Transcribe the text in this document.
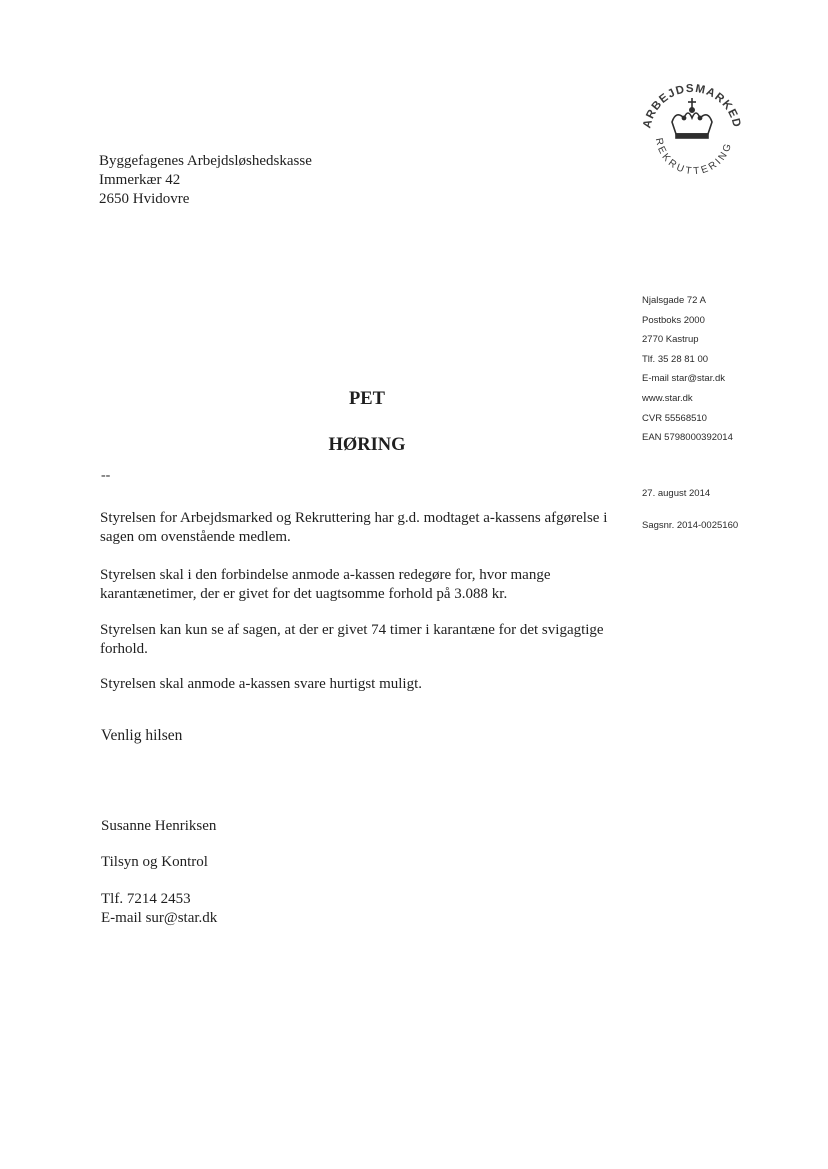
Byggefagenes Arbejdsløshedskasse
Immerkær 42
2650 Hvidovre
ARBEJDSMARKED
REKRUTTERING
Njalsgade 72 A
Postboks 2000
2770 Kastrup
Tlf. 35 28 81 00
E-mail star@star.dk
www.star.dk
CVR 55568510
EAN 5798000392014
27. august 2014
Sagsnr. 2014-0025160
PET
HØRING
--
Styrelsen for Arbejdsmarked og Rekruttering har g.d. modtaget a-kassens afgørelse i sagen om ovenstående medlem.
Styrelsen skal i den forbindelse anmode a-kassen redegøre for, hvor mange karantænetimer, der er givet for det uagtsomme forhold på 3.088 kr.
Styrelsen kan kun se af sagen, at der er givet 74 timer i karantæne for det svigagtige forhold.
Styrelsen skal anmode a-kassen svare hurtigst muligt.
Venlig hilsen
Susanne Henriksen
Tilsyn og Kontrol
Tlf. 7214 2453
E-mail sur@star.dk
